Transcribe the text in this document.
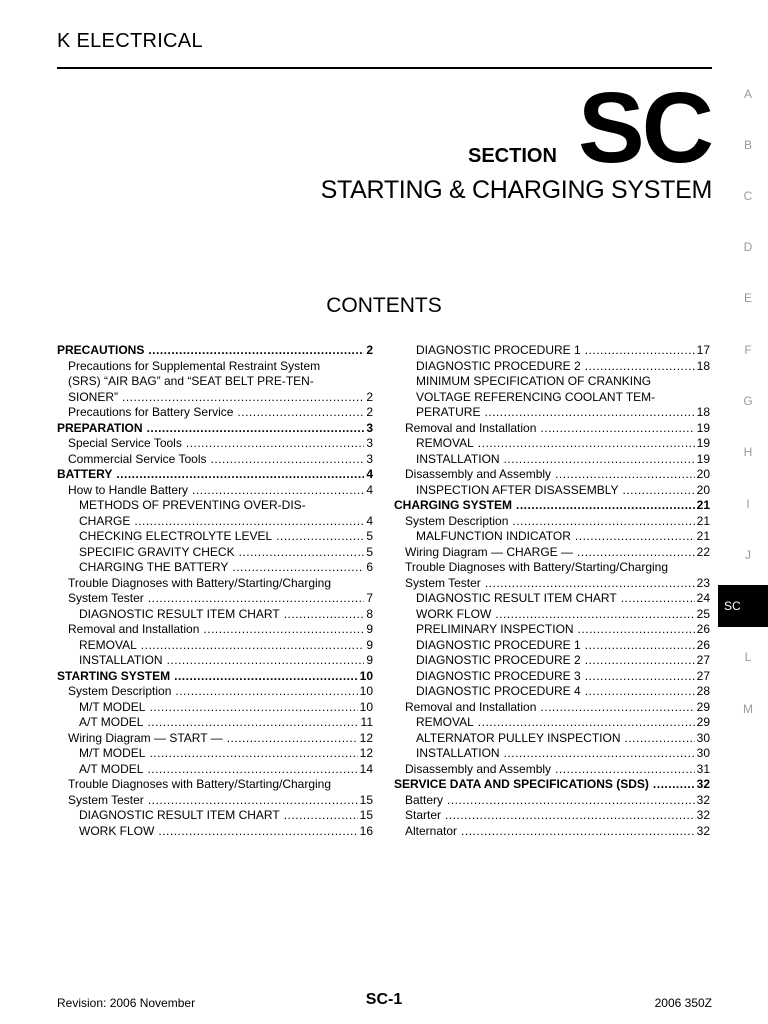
K ELECTRICAL
SECTION SC
STARTING & CHARGING SYSTEM
CONTENTS
PRECAUTIONS .....	2
Precautions for Supplemental Restraint System
(SRS) “AIR BAG” and “SEAT BELT PRE-TEN-
SIONER” .....	2
Precautions for Battery Service .....	2
PREPARATION .....	3
Special Service Tools .....	3
Commercial Service Tools .....	3
BATTERY .....	4
How to Handle Battery .....	4
METHODS OF PREVENTING OVER-DIS-
CHARGE .....	4
CHECKING ELECTROLYTE LEVEL .....	5
SPECIFIC GRAVITY CHECK .....	5
CHARGING THE BATTERY .....	6
Trouble Diagnoses with Battery/Starting/Charging
System Tester .....	7
DIAGNOSTIC RESULT ITEM CHART .....	8
Removal and Installation .....	9
REMOVAL .....	9
INSTALLATION .....	9
STARTING SYSTEM .....	10
System Description .....	10
M/T MODEL .....	10
A/T MODEL .....	11
Wiring Diagram — START — .....	12
M/T MODEL .....	12
A/T MODEL .....	14
Trouble Diagnoses with Battery/Starting/Charging
System Tester .....	15
DIAGNOSTIC RESULT ITEM CHART .....	15
WORK FLOW .....	16
DIAGNOSTIC PROCEDURE 1 .....	17
DIAGNOSTIC PROCEDURE 2 .....	18
MINIMUM SPECIFICATION OF CRANKING
VOLTAGE REFERENCING COOLANT TEM-
PERATURE .....	18
Removal and Installation .....	19
REMOVAL .....	19
INSTALLATION .....	19
Disassembly and Assembly .....	20
INSPECTION AFTER DISASSEMBLY .....	20
CHARGING SYSTEM .....	21
System Description .....	21
MALFUNCTION INDICATOR .....	21
Wiring Diagram — CHARGE — .....	22
Trouble Diagnoses with Battery/Starting/Charging
System Tester .....	23
DIAGNOSTIC RESULT ITEM CHART .....	24
WORK FLOW .....	25
PRELIMINARY INSPECTION .....	26
DIAGNOSTIC PROCEDURE 1 .....	26
DIAGNOSTIC PROCEDURE 2 .....	27
DIAGNOSTIC PROCEDURE 3 .....	27
DIAGNOSTIC PROCEDURE 4 .....	28
Removal and Installation .....	29
REMOVAL .....	29
ALTERNATOR PULLEY INSPECTION .....	30
INSTALLATION .....	30
Disassembly and Assembly .....	31
SERVICE DATA AND SPECIFICATIONS (SDS) .....	32
Battery .....	32
Starter .....	32
Alternator .....	32
A
B
C
D
E
F
G
H
I
J
L
M
SC
Revision: 2006 November	SC-1	2006 350Z
